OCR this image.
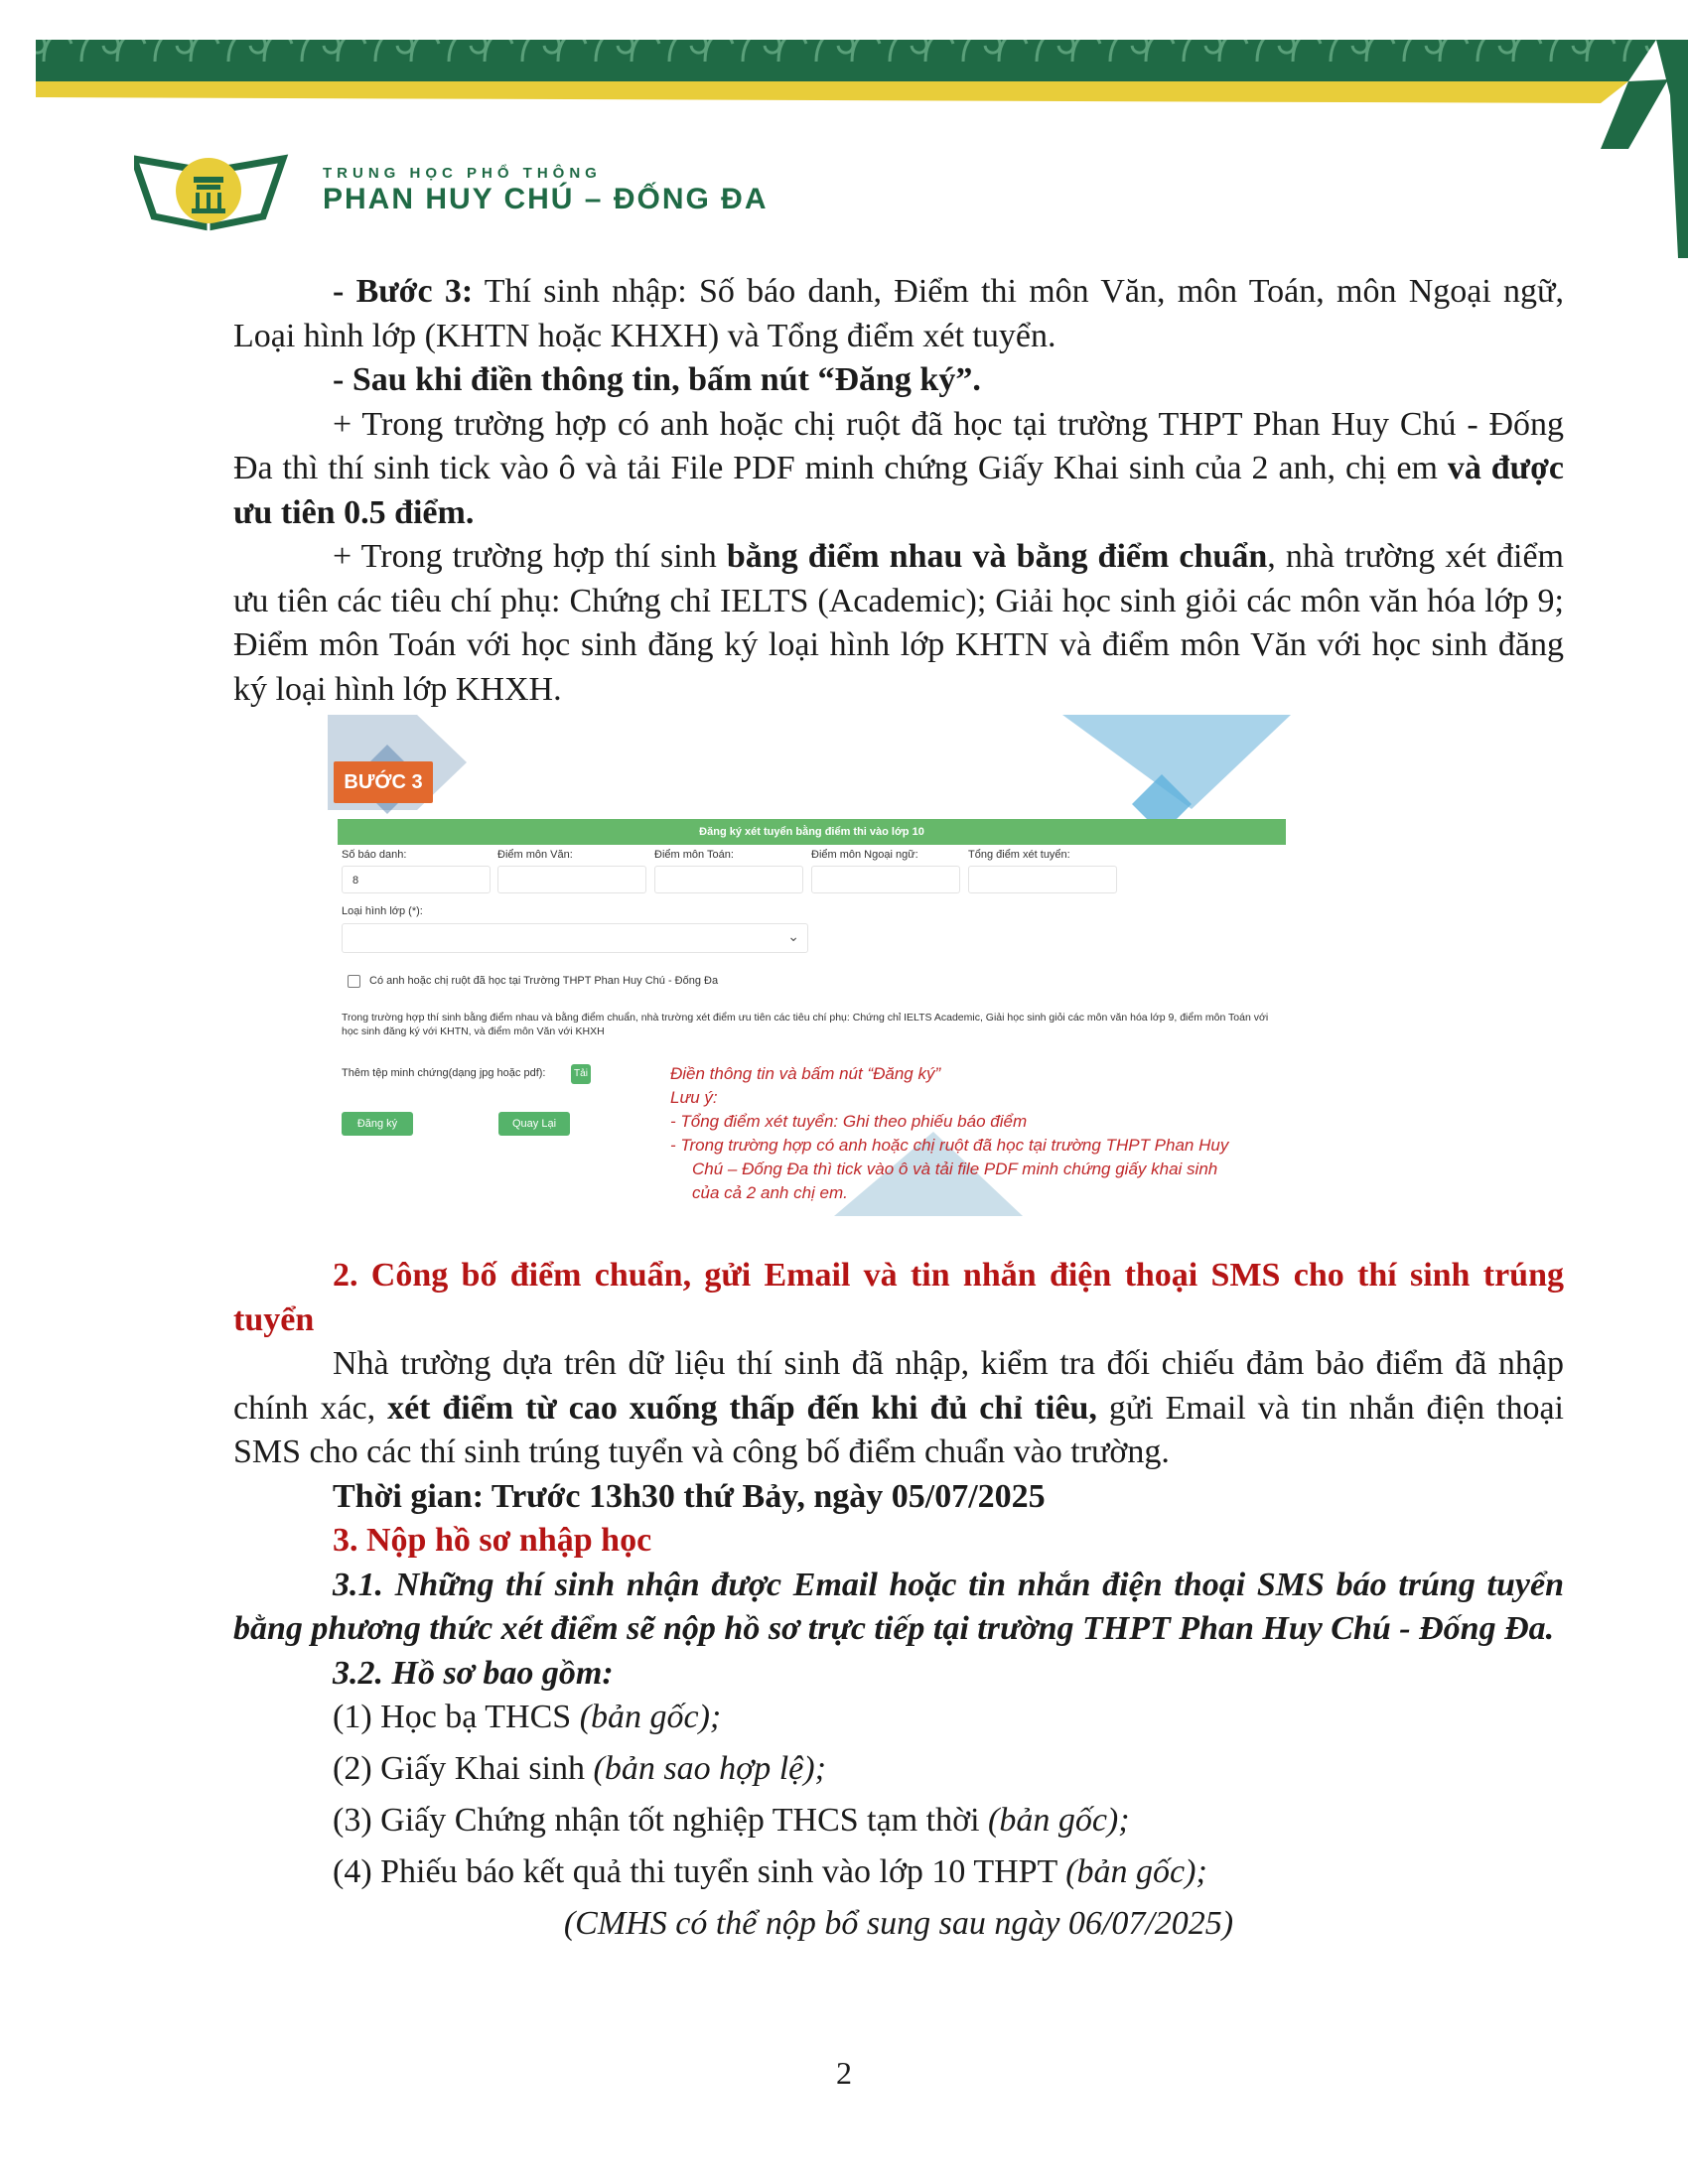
TRUNG HỌC PHỔ THÔNG
PHAN HUY CHÚ – ĐỐNG ĐA

- Bước 3: Thí sinh nhập: Số báo danh, Điểm thi môn Văn, môn Toán, môn Ngoại ngữ, Loại hình lớp (KHTN hoặc KHXH) và Tổng điểm xét tuyển.

- Sau khi điền thông tin, bấm nút “Đăng ký”.

+ Trong trường hợp có anh hoặc chị ruột đã học tại trường THPT Phan Huy Chú - Đống Đa thì thí sinh tick vào ô và tải File PDF minh chứng Giấy Khai sinh của 2 anh, chị em và được ưu tiên 0.5 điểm.

+ Trong trường hợp thí sinh bằng điểm nhau và bằng điểm chuẩn, nhà trường xét điểm ưu tiên các tiêu chí phụ: Chứng chỉ IELTS (Academic); Giải học sinh giỏi các môn văn hóa lớp 9; Điểm môn Toán với học sinh đăng ký loại hình lớp KHTN và điểm môn Văn với học sinh đăng ký loại hình lớp KHXH.

BƯỚC 3
Đăng ký xét tuyển bằng điểm thi vào lớp 10
Số báo danh:	Điểm môn Văn:	Điểm môn Toán:	Điểm môn Ngoại ngữ:	Tổng điểm xét tuyển:
8
Loại hình lớp (*):
⌄
Có anh hoặc chị ruột đã học tại Trường THPT Phan Huy Chú - Đống Đa
Trong trường hợp thí sinh bằng điểm nhau và bằng điểm chuẩn, nhà trường xét điểm ưu tiên các tiêu chí phụ: Chứng chỉ IELTS Academic, Giải học sinh giỏi các môn văn hóa lớp 9, điểm môn Toán với học sinh đăng ký với KHTN, và điểm môn Văn với KHXH
Thêm tệp minh chứng(dạng jpg hoặc pdf):	Tải
Đăng ký	Quay Lại
Điền thông tin và bấm nút “Đăng ký”
Lưu ý:
- Tổng điểm xét tuyển: Ghi theo phiếu báo điểm
- Trong trường hợp có anh hoặc chị ruột đã học tại trường THPT Phan Huy Chú – Đống Đa thì tick vào ô và tải file PDF minh chứng giấy khai sinh của cả 2 anh chị em.

2. Công bố điểm chuẩn, gửi Email và tin nhắn điện thoại SMS cho thí sinh trúng tuyển

Nhà trường dựa trên dữ liệu thí sinh đã nhập, kiểm tra đối chiếu đảm bảo điểm đã nhập chính xác, xét điểm từ cao xuống thấp đến khi đủ chỉ tiêu, gửi Email và tin nhắn điện thoại SMS cho các thí sinh trúng tuyển và công bố điểm chuẩn vào trường.

Thời gian: Trước 13h30 thứ Bảy, ngày 05/07/2025

3. Nộp hồ sơ nhập học

3.1. Những thí sinh nhận được Email hoặc tin nhắn điện thoại SMS báo trúng tuyển bằng phương thức xét điểm sẽ nộp hồ sơ trực tiếp tại trường THPT Phan Huy Chú - Đống Đa.

3.2. Hồ sơ bao gồm:

(1) Học bạ THCS (bản gốc);

(2) Giấy Khai sinh (bản sao hợp lệ);

(3) Giấy Chứng nhận tốt nghiệp THCS tạm thời (bản gốc);

(4) Phiếu báo kết quả thi tuyển sinh vào lớp 10 THPT (bản gốc);

(CMHS có thể nộp bổ sung sau ngày 06/07/2025)

2
